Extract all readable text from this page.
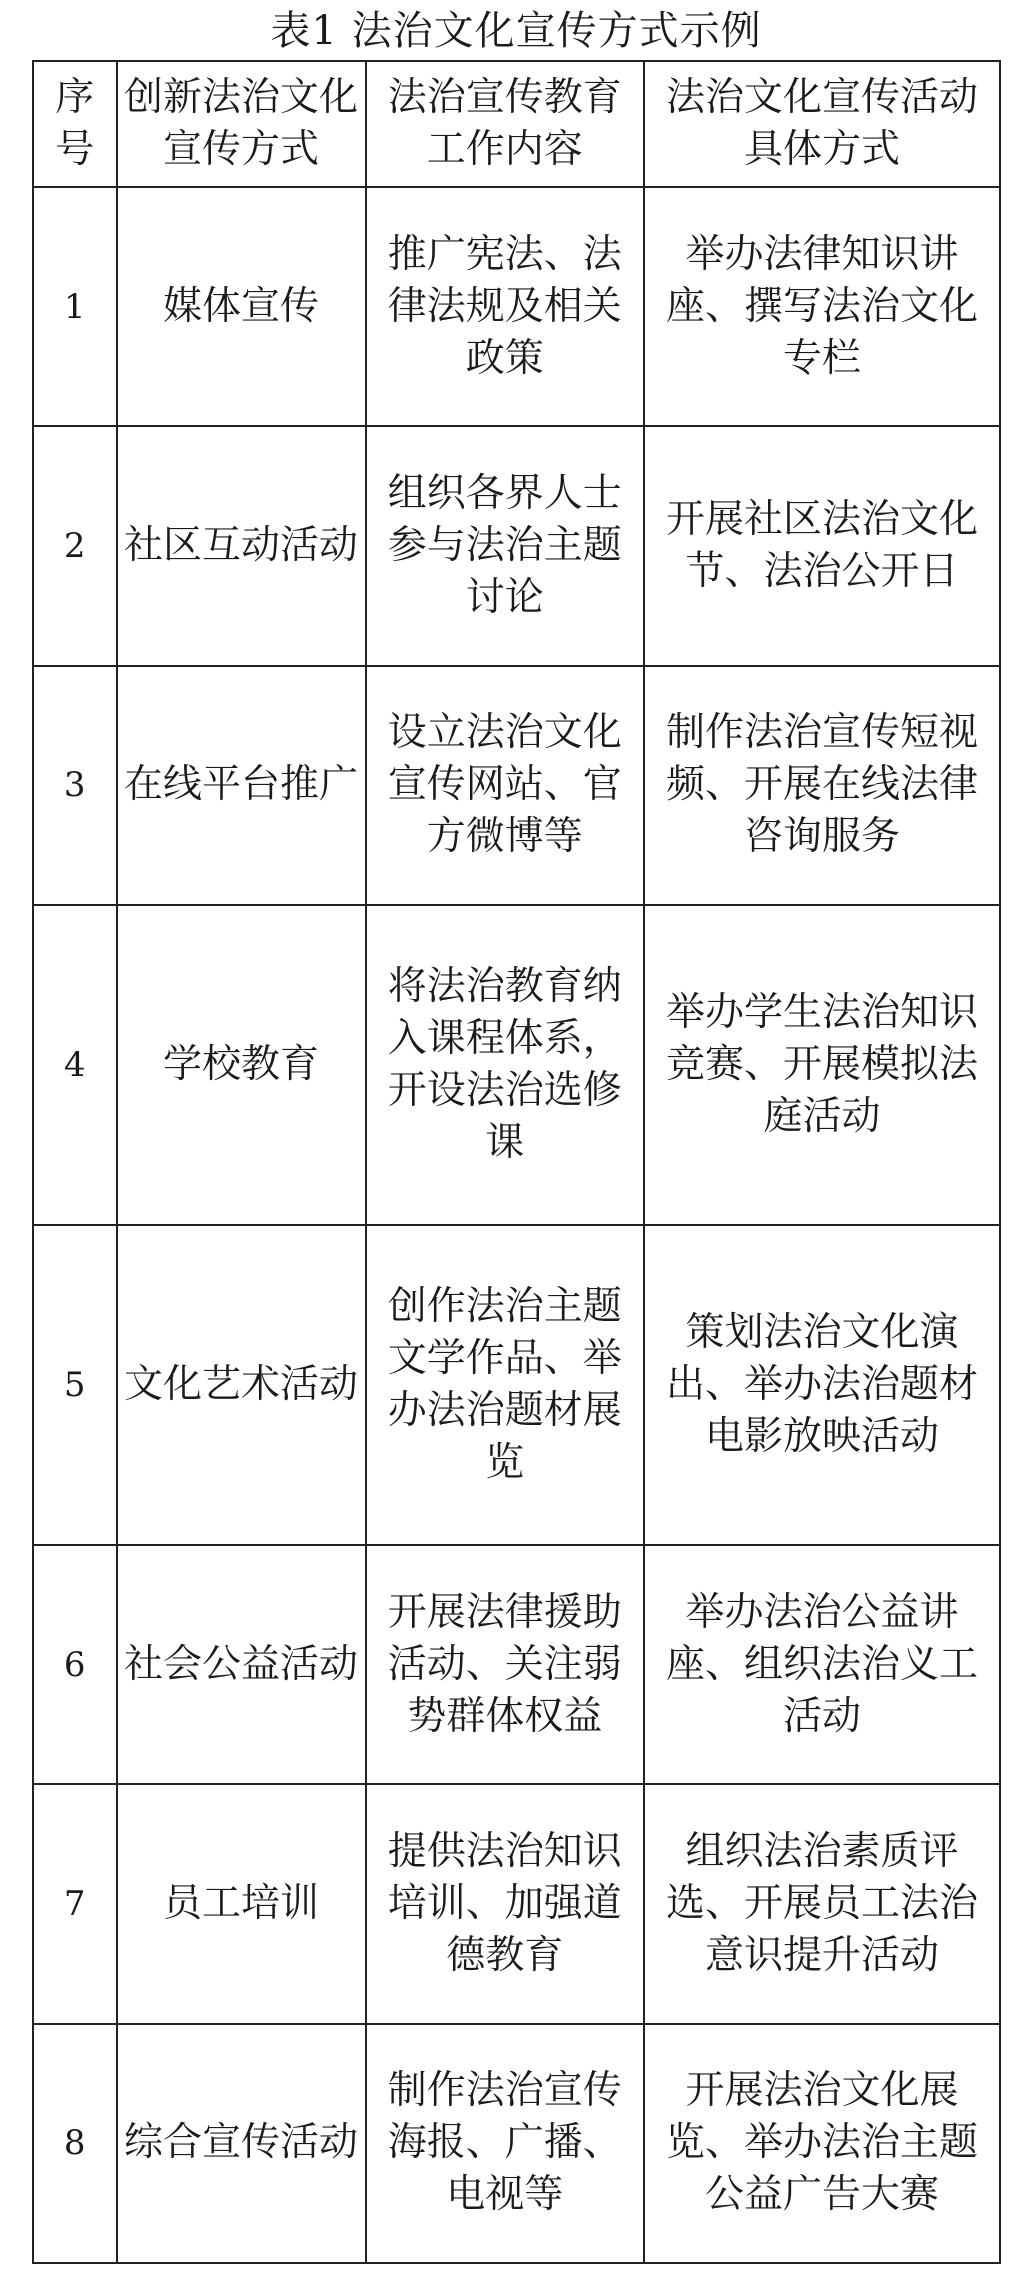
表1 法治文化宣传方式示例
序号	创新法治文化宣传方式	法治宣传教育工作内容	法治文化宣传活动具体方式

1	媒体宣传	推广宪法、法律法规及相关政策	举办法律知识讲座、撰写法治文化专栏
2	社区互动活动	组织各界人士参与法治主题讨论	开展社区法治文化节、法治公开日
3	在线平台推广	设立法治文化宣传网站、官方微博等	制作法治宣传短视频、开展在线法律咨询服务
4	学校教育	将法治教育纳入课程体系，开设法治选修课	举办学生法治知识竞赛、开展模拟法庭活动
5	文化艺术活动	创作法治主题文学作品、举办法治题材展览	策划法治文化演出、举办法治题材电影放映活动
6	社会公益活动	开展法律援助活动、关注弱势群体权益	举办法治公益讲座、组织法治义工活动
7	员工培训	提供法治知识培训、加强道德教育	组织法治素质评选、开展员工法治意识提升活动
8	综合宣传活动	制作法治宣传海报、广播、电视等	开展法治文化展览、举办法治主题公益广告大赛
